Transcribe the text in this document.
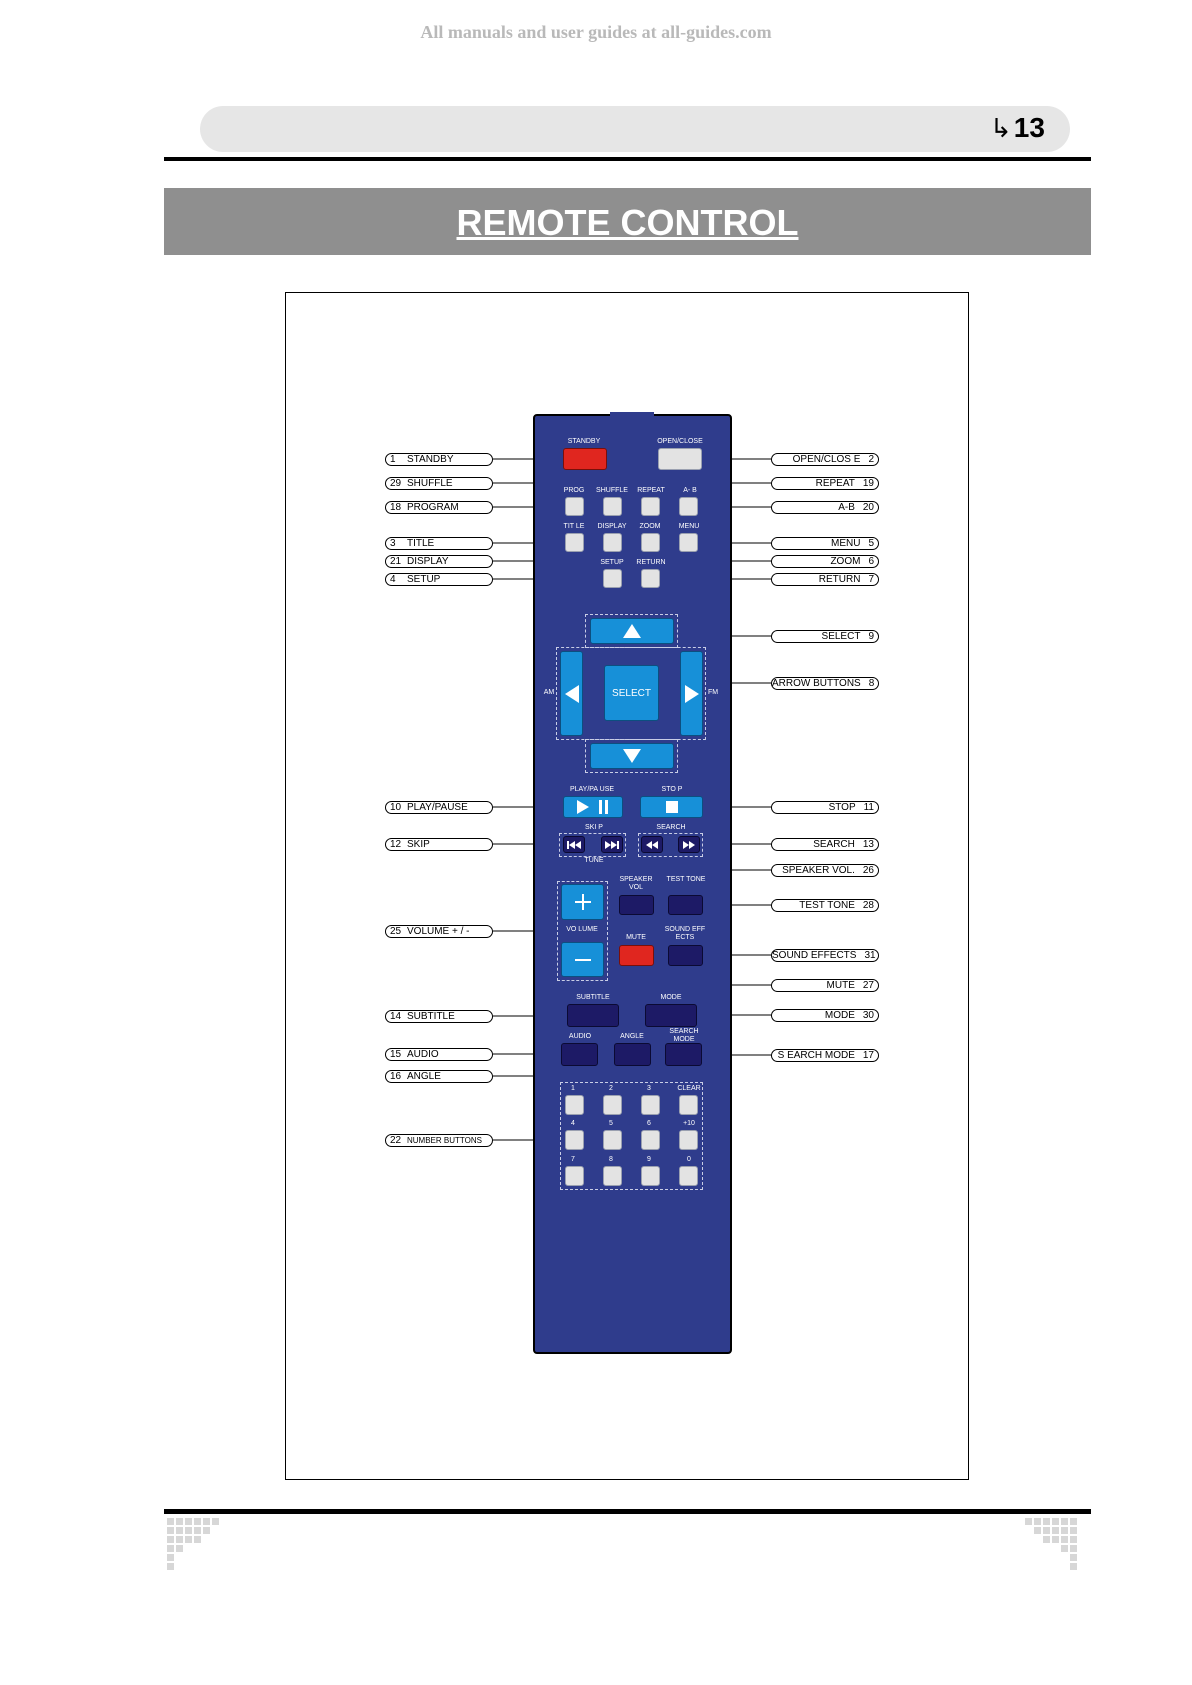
All manuals and user guides at all-guides.com
↳13
REMOTE CONTROL
STANDBY	OPEN/CLOSE
PROG SHUFFLE	REPEAT	A- B
TIT LE	DISPLAY	ZOOM	MENU
SETUP	RETURN
SELECT
AM	FM
PLAY/PA USE	STO P
SKI P	SEARCH
TUNE
VO LUME
SPEAKER VOL
TEST TONE
MUTE
SOUND EFF ECTS
SUBTITLE	MODE
AUDIO	ANGLE
SEARCH MODE
1	2	3	CLEAR
4	5	6	+10
7	8	9	0
1 STANDBY
29 SHUFFLE
18 PROGRAM
3 TITLE
21 DISPLAY
4 SETUP
10 PLAY/PAUSE
12 SKIP
25 VOLUME + / -
14 SUBTITLE
15 AUDIO
16 ANGLE
22 NUMBER BUTTONS
OPEN/CLOS E 2
REPEAT 19
A-B 20
MENU 5
ZOOM 6
RETURN 7
SELECT 9
ARROW BUTTONS 8
STOP 11
SEARCH 13
SPEAKER VOL. 26
TEST TONE 28
SOUND EFFECTS 31
MUTE 27
MODE 30
S EARCH MODE 17
